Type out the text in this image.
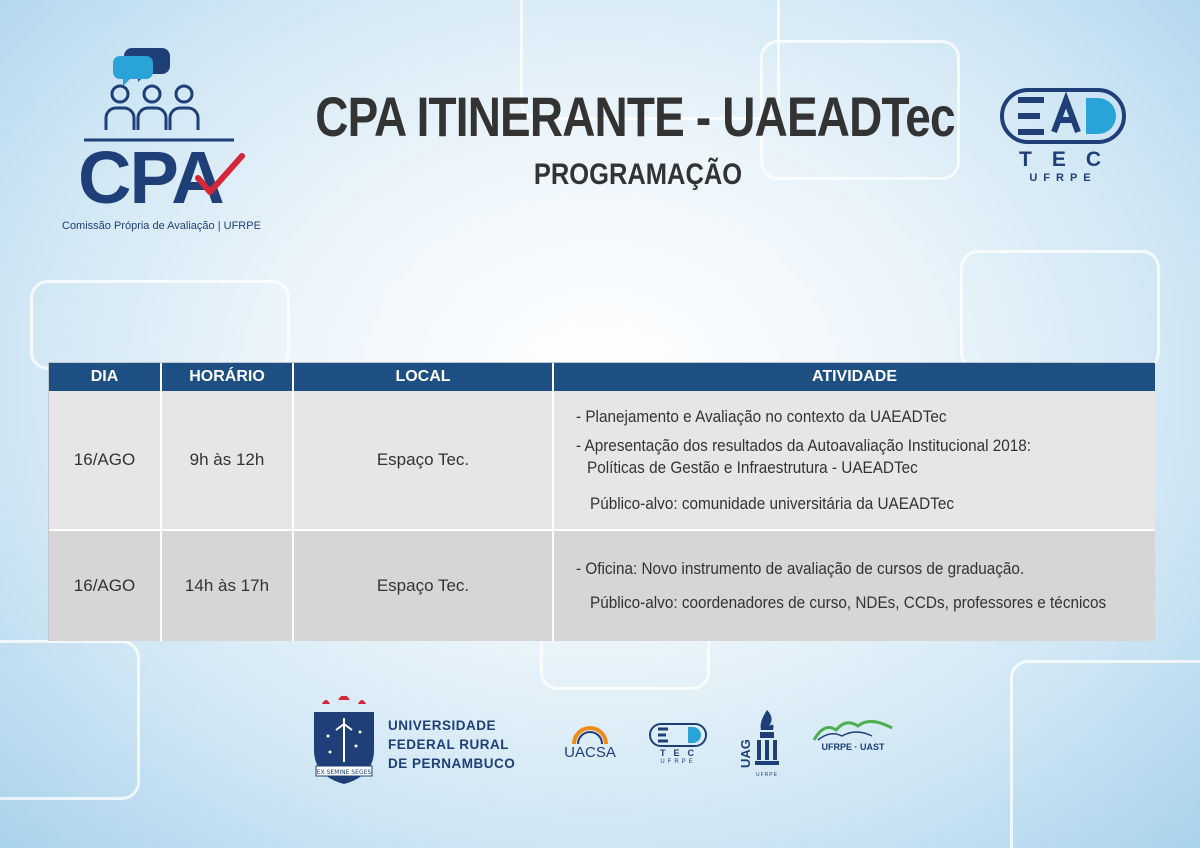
CPA
Comissão Própria de Avaliação | UFRPE
CPA ITINERANTE - UAEADTec
PROGRAMAÇÃO	TEC
UFRPE
DIA	HORÁRIO	LOCAL	ATIVIDADE
16/AGO	9h às 12h	Espaço Tec.
- Planejamento e Avaliação no contexto da UAEADTec
- Apresentação dos resultados da Autoavaliação Institucional 2018:
Políticas de Gestão e Infraestrutura - UAEADTec
Público-alvo: comunidade universitária da UAEADTec
16/AGO	14h às 17h	Espaço Tec.
- Oficina: Novo instrumento de avaliação de cursos de graduação.
Público-alvo: coordenadores de curso, NDEs, CCDs, professores e técnicos
EX SEMINE SEGES
UNIVERSIDADE
FEDERAL RURAL
DE PERNAMBUCO
UACSA	TEC
UFRPE	UAG
UFRPE
UFRPE · UAST
